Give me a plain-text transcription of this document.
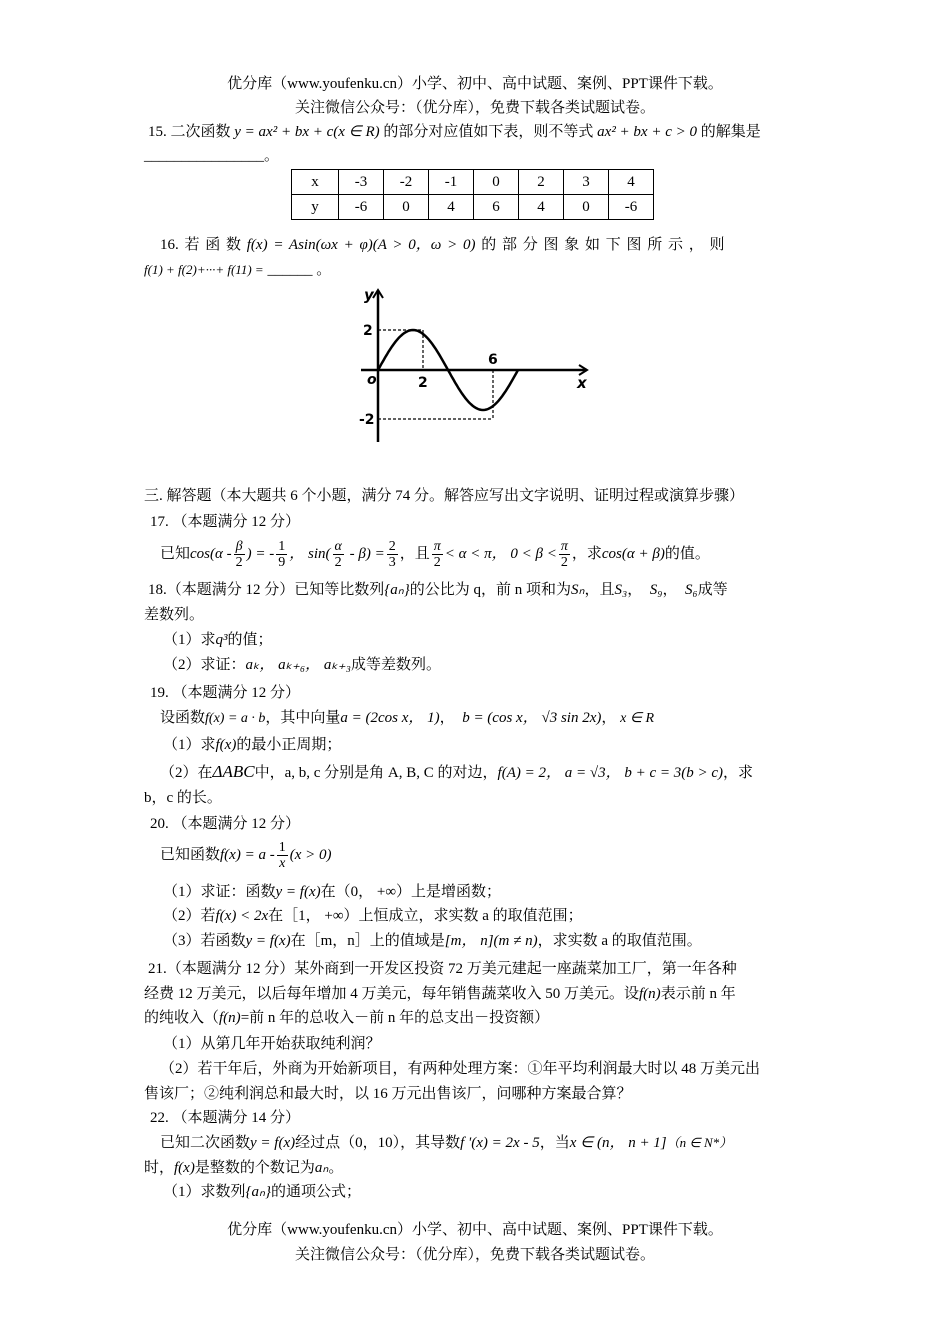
优分库（www.youfenku.cn）小学、初中、高中试题、案例、PPT课件下载。
关注微信公众号：（优分库），免费下载各类试题试卷。
15. 二次函数 y = ax² + bx + c(x ∈ R) 的部分对应值如下表，则不等式 ax² + bx + c > 0 的解集是
________________。
x	-3	-2	-1	0	2	3	4
y	-6	0	4	6	4	0	-6
16. 若 函 数 f(x) = Asin(ωx + φ)(A > 0，ω > 0) 的 部 分 图 象 如 下 图 所 示 ， 则
f(1) + f(2)+···+ f(11) = ______ 。
y
x
o	2
6
2
-2
三. 解答题（本大题共 6 个小题，满分 74 分。解答应写出文字说明、证明过程或演算步骤）
17. （本题满分 12 分）
已知$\cos(\alpha - \frac{\beta}{2}$ ) = - $\frac{1}{9}$ ， $\sin( \frac{\alpha}{2} - \beta) = \frac{2}{3}$ ，且 $\frac{\pi}{2} < \alpha < \pi$， $0 < \beta < \frac{\pi}{2}$ ，求cos(α + β)的值。
18.（本题满分 12 分）已知等比数列{aₙ}的公比为 q，前 n 项和为Sₙ，且S₃，  S₉，  S₆成等
差数列。
（1）求q³的值；
（2）求证：aₖ， aₖ₊₆， aₖ₊₃成等差数列。
19. （本题满分 12 分）
设函数f(x) = a · b，其中向量a = (2cos x， 1)，  b = (cos x， √3 sin 2x)， x ∈ R
（1）求f(x)的最小正周期；
（2）在ΔABC中，a, b, c 分别是角 A, B, C 的对边，f(A) = 2， a = √3， b + c = 3(b > c)，求
b，c 的长。
20. （本题满分 12 分）
已知函数$f(x) = a - \frac{1}{x} (x > 0)$
（1）求证：函数y = f(x)在（0， +∞）上是增函数；
（2）若f(x) < 2x在［1， +∞）上恒成立，求实数 a 的取值范围；
（3）若函数y = f(x)在［m，n］上的值域是[m， n](m ≠ n)，求实数 a 的取值范围。
21.（本题满分 12 分）某外商到一开发区投资 72 万美元建起一座蔬菜加工厂，第一年各种
经费 12 万美元，以后每年增加 4 万美元，每年销售蔬菜收入 50 万美元。设f(n)表示前 n 年
的纯收入（f(n)=前 n 年的总收入－前 n 年的总支出－投资额）
（1）从第几年开始获取纯利润？
（2）若干年后，外商为开始新项目，有两种处理方案：①年平均利润最大时以 48 万美元出
售该厂；②纯利润总和最大时，以 16 万元出售该厂，问哪种方案最合算？
22. （本题满分 14 分）
已知二次函数y = f(x)经过点（0，10），其导数f '(x) = 2x - 5，当x ∈ (n， n + 1]（n ∈ N*）
时，f(x)是整数的个数记为aₙ。
（1）求数列{aₙ}的通项公式；
优分库（www.youfenku.cn）小学、初中、高中试题、案例、PPT课件下载。
关注微信公众号：（优分库），免费下载各类试题试卷。
